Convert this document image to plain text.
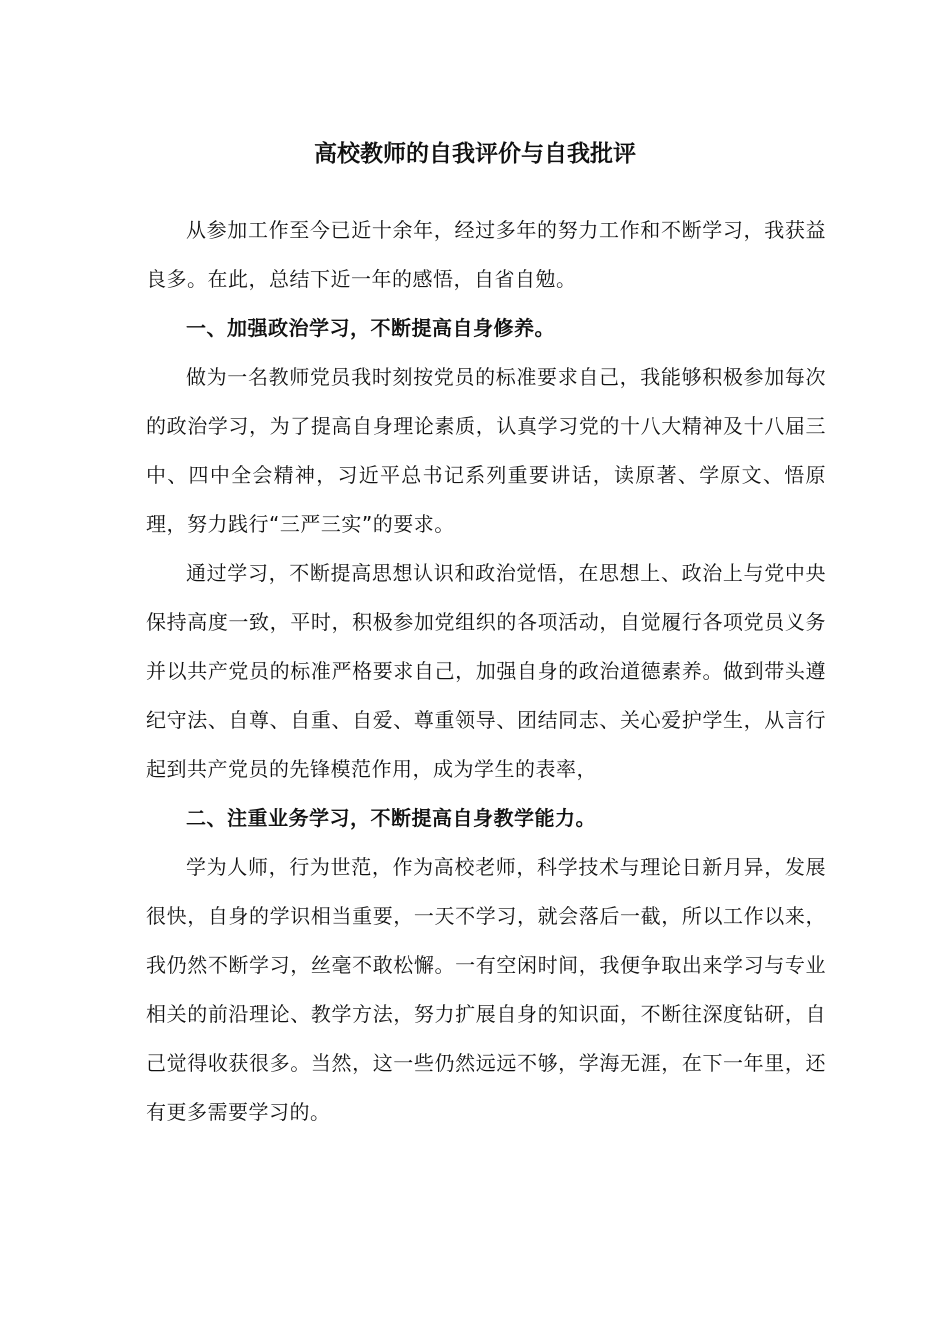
高校教师的自我评价与自我批评

从参加工作至今已近十余年，经过多年的努力工作和不断学习，我获益良多。在此，总结下近一年的感悟，自省自勉。

一、加强政治学习，不断提高自身修养。

做为一名教师党员我时刻按党员的标准要求自己，我能够积极参加每次的政治学习，为了提高自身理论素质，认真学习党的十八大精神及十八届三中、四中全会精神，习近平总书记系列重要讲话，读原著、学原文、悟原理，努力践行“三严三实”的要求。

通过学习，不断提高思想认识和政治觉悟，在思想上、政治上与党中央保持高度一致，平时，积极参加党组织的各项活动，自觉履行各项党员义务并以共产党员的标准严格要求自己，加强自身的政治道德素养。做到带头遵纪守法、自尊、自重、自爱、尊重领导、团结同志、关心爱护学生，从言行起到共产党员的先锋模范作用，成为学生的表率，

二、注重业务学习，不断提高自身教学能力。

学为人师，行为世范，作为高校老师，科学技术与理论日新月异，发展很快，自身的学识相当重要，一天不学习，就会落后一截，所以工作以来，我仍然不断学习，丝毫不敢松懈。一有空闲时间，我便争取出来学习与专业相关的前沿理论、教学方法，努力扩展自身的知识面，不断往深度钻研，自己觉得收获很多。当然，这一些仍然远远不够，学海无涯，在下一年里，还有更多需要学习的。
